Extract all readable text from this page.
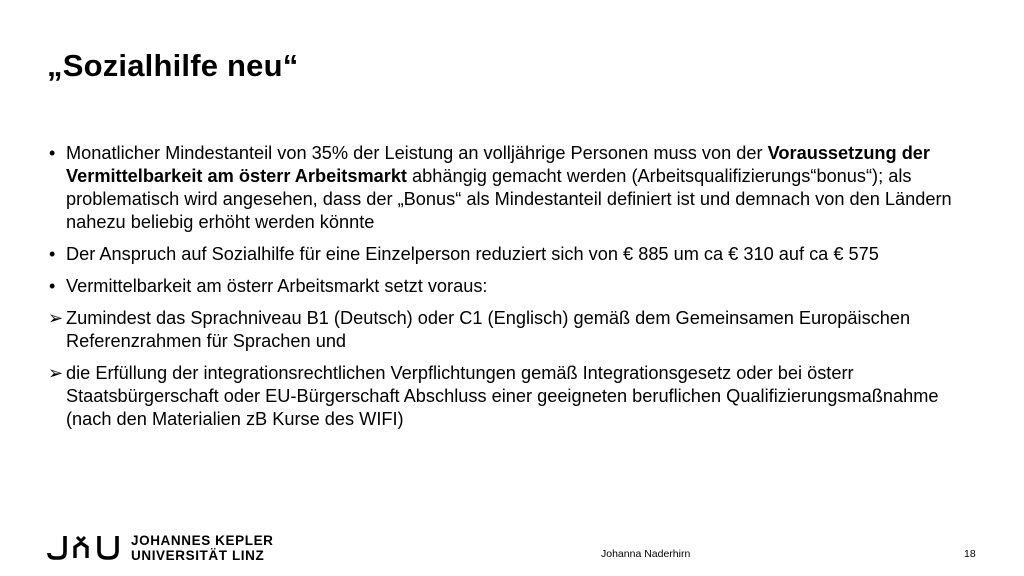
„Sozialhilfe neu“
• Monatlicher Mindestanteil von 35% der Leistung an volljährige Personen muss von der Voraussetzung der Vermittelbarkeit am österr Arbeitsmarkt abhängig gemacht werden (Arbeitsqualifizierungs“bonus“); als problematisch wird angesehen, dass der „Bonus“ als Mindestanteil definiert ist und demnach von den Ländern nahezu beliebig erhöht werden könnte
• Der Anspruch auf Sozialhilfe für eine Einzelperson reduziert sich von € 885 um ca € 310 auf ca € 575
• Vermittelbarkeit am österr Arbeitsmarkt setzt voraus:
➢ Zumindest das Sprachniveau B1 (Deutsch) oder C1 (Englisch) gemäß dem Gemeinsamen Europäischen Referenzrahmen für Sprachen und
➢ die Erfüllung der integrationsrechtlichen Verpflichtungen gemäß Integrationsgesetz oder bei österr Staatsbürgerschaft oder EU-Bürgerschaft Abschluss einer geeigneten beruflichen Qualifizierungsmaßnahme (nach den Materialien zB Kurse des WIFI)
JOHANNES KEPLER
UNIVERSITÄT LINZ	Johanna Naderhirn	18
